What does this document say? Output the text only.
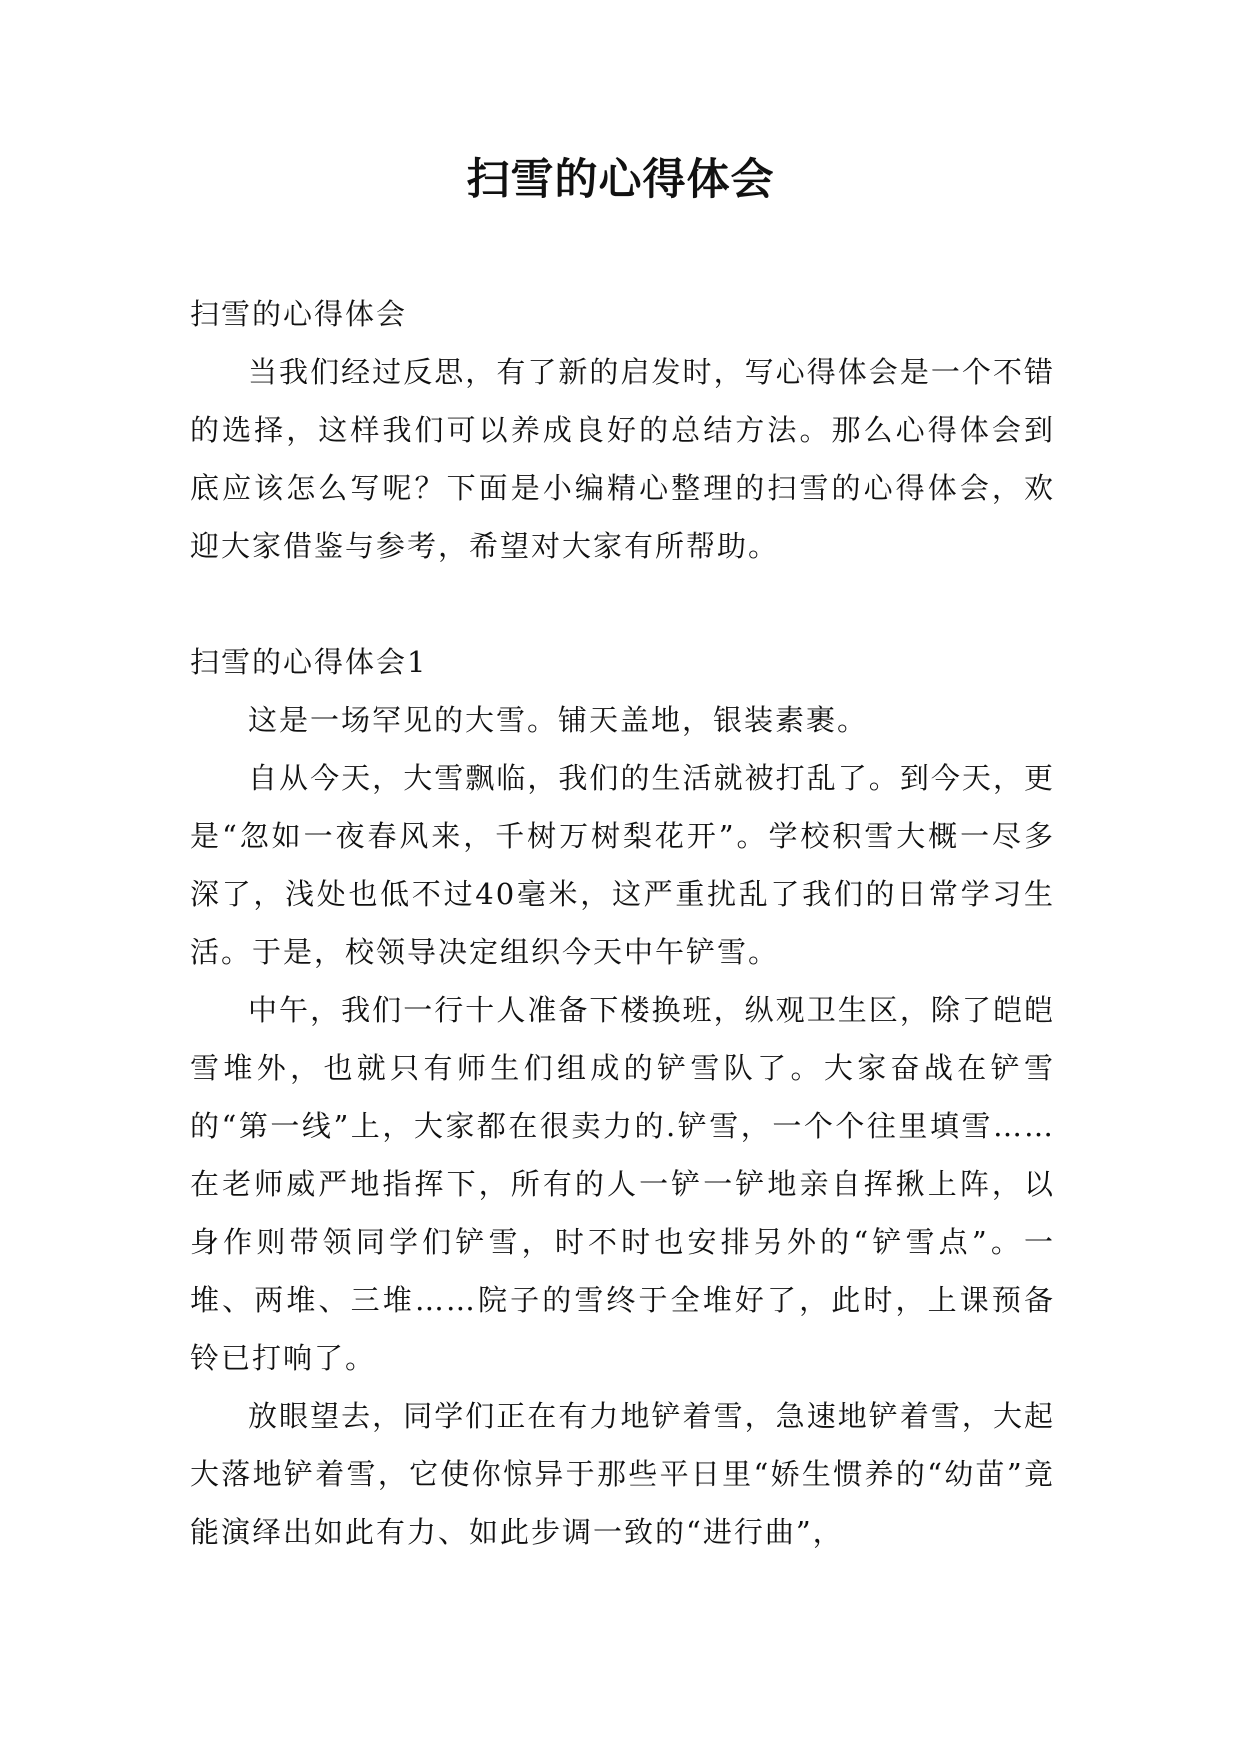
扫雪的心得体会

扫雪的心得体会

当我们经过反思，有了新的启发时，写心得体会是一个不错的选择，这样我们可以养成良好的总结方法。那么心得体会到底应该怎么写呢？下面是小编精心整理的扫雪的心得体会，欢迎大家借鉴与参考，希望对大家有所帮助。

扫雪的心得体会1

这是一场罕见的大雪。铺天盖地，银装素裹。

自从今天，大雪飘临，我们的生活就被打乱了。到今天，更是“忽如一夜春风来，千树万树梨花开”。学校积雪大概一尽多深了，浅处也低不过40毫米，这严重扰乱了我们的日常学习生活。于是，校领导决定组织今天中午铲雪。

中午，我们一行十人准备下楼换班，纵观卫生区，除了皑皑雪堆外，也就只有师生们组成的铲雪队了。大家奋战在铲雪的“第一线”上，大家都在很卖力的.铲雪，一个个往里填雪……在老师威严地指挥下，所有的人一铲一铲地亲自挥揪上阵，以身作则带领同学们铲雪，时不时也安排另外的“铲雪点”。一堆、两堆、三堆……院子的雪终于全堆好了，此时，上课预备铃已打响了。

放眼望去，同学们正在有力地铲着雪，急速地铲着雪，大起大落地铲着雪，它使你惊异于那些平日里“娇生惯养的“幼苗”竟能演绎出如此有力、如此步调一致的“进行曲”，
